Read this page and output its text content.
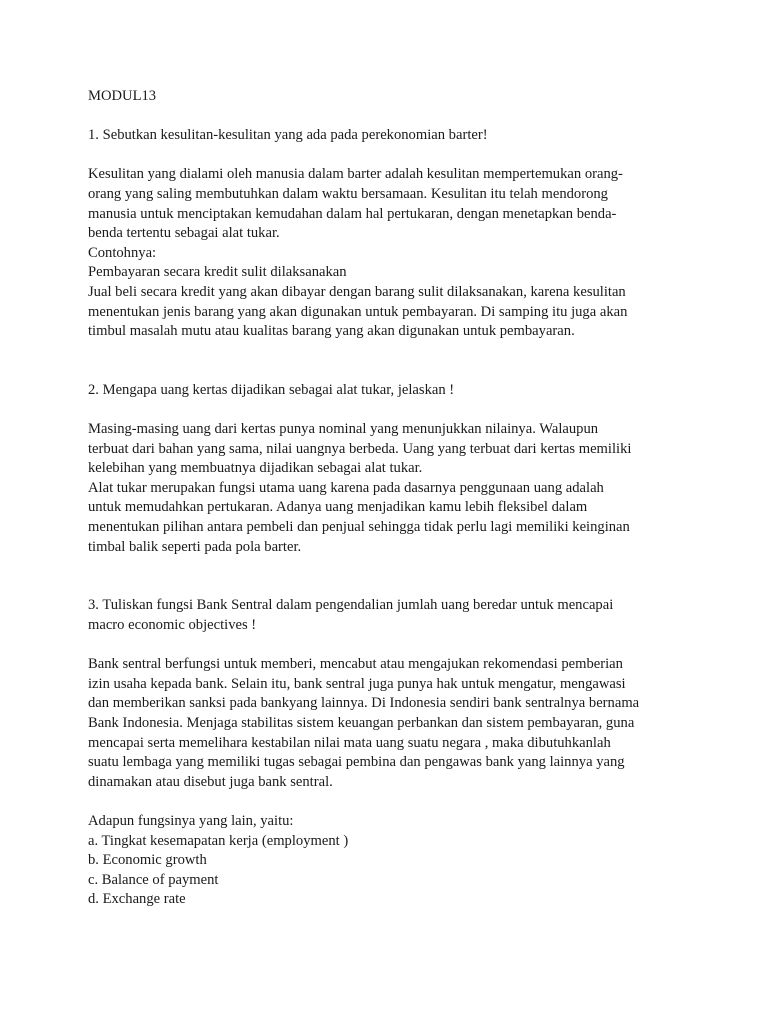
MODUL13
1. Sebutkan kesulitan-kesulitan yang ada pada perekonomian barter!
Kesulitan yang dialami oleh manusia dalam barter adalah kesulitan mempertemukan orang-
orang yang saling membutuhkan dalam waktu bersamaan. Kesulitan itu telah mendorong
manusia untuk menciptakan kemudahan dalam hal pertukaran, dengan menetapkan benda-
benda tertentu sebagai alat tukar.
Contohnya:
Pembayaran secara kredit sulit dilaksanakan
Jual beli secara kredit yang akan dibayar dengan barang sulit dilaksanakan, karena kesulitan
menentukan jenis barang yang akan digunakan untuk pembayaran. Di samping itu juga akan
timbul masalah mutu atau kualitas barang yang akan digunakan untuk pembayaran.
2. Mengapa uang kertas dijadikan sebagai alat tukar, jelaskan !
Masing-masing uang dari kertas punya nominal yang menunjukkan nilainya. Walaupun
terbuat dari bahan yang sama, nilai uangnya berbeda. Uang yang terbuat dari kertas memiliki
kelebihan yang membuatnya dijadikan sebagai alat tukar.
Alat tukar merupakan fungsi utama uang karena pada dasarnya penggunaan uang adalah
untuk memudahkan pertukaran. Adanya uang menjadikan kamu lebih fleksibel dalam
menentukan pilihan antara pembeli dan penjual sehingga tidak perlu lagi memiliki keinginan
timbal balik seperti pada pola barter.
3. Tuliskan fungsi Bank Sentral dalam pengendalian jumlah uang beredar untuk mencapai
macro economic objectives !
Bank sentral berfungsi untuk memberi, mencabut atau mengajukan rekomendasi pemberian
izin usaha kepada bank. Selain itu, bank sentral juga punya hak untuk mengatur, mengawasi
dan memberikan sanksi pada bankyang lainnya. Di Indonesia sendiri bank sentralnya bernama
Bank Indonesia. Menjaga stabilitas sistem keuangan perbankan dan sistem pembayaran, guna
mencapai serta memelihara kestabilan nilai mata uang suatu negara , maka dibutuhkanlah
suatu lembaga yang memiliki tugas sebagai pembina dan pengawas bank yang lainnya yang
dinamakan atau disebut juga bank sentral.
Adapun fungsinya yang lain, yaitu:
a. Tingkat kesemapatan kerja (employment )
b. Economic growth
c. Balance of payment
d. Exchange rate
